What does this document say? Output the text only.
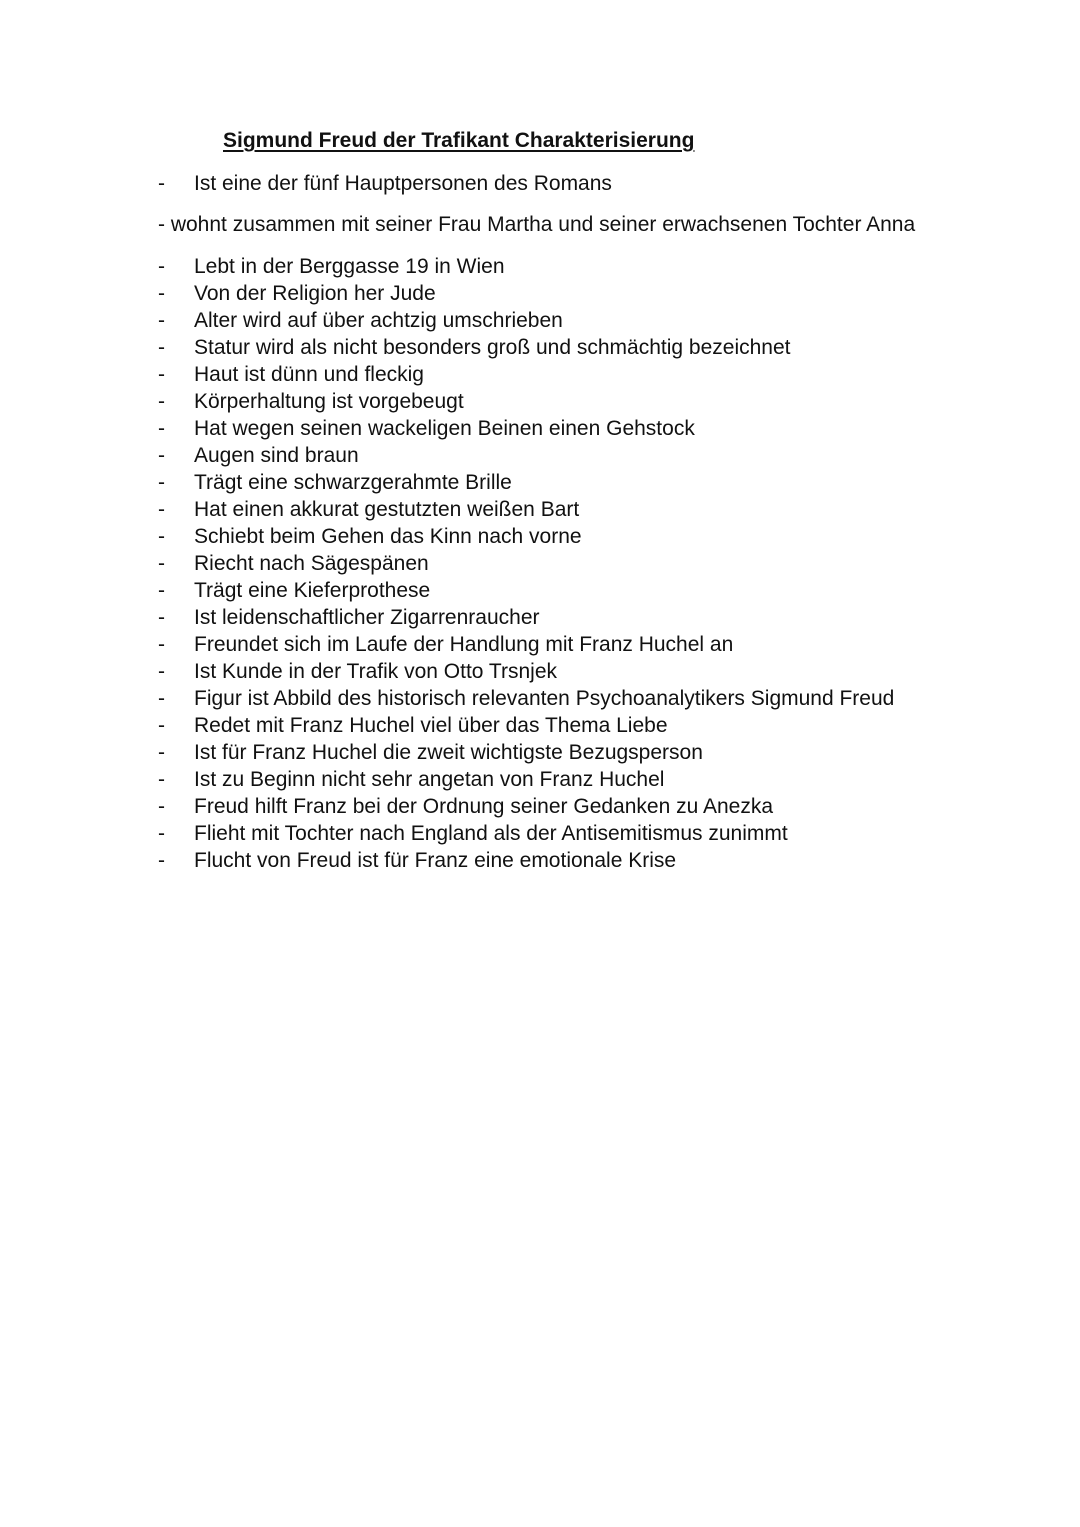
Sigmund Freud der Trafikant Charakterisierung
- Ist eine der fünf Hauptpersonen des Romans
- wohnt zusammen mit seiner Frau Martha und seiner erwachsenen Tochter Anna
- Lebt in der Berggasse 19 in Wien
- Von der Religion her Jude
- Alter wird auf über achtzig umschrieben
- Statur wird als nicht besonders groß und schmächtig bezeichnet
- Haut ist dünn und fleckig
- Körperhaltung ist vorgebeugt
- Hat wegen seinen wackeligen Beinen einen Gehstock
- Augen sind braun
- Trägt eine schwarzgerahmte Brille
- Hat einen akkurat gestutzten weißen Bart
- Schiebt beim Gehen das Kinn nach vorne
- Riecht nach Sägespänen
- Trägt eine Kieferprothese
- Ist leidenschaftlicher Zigarrenraucher
- Freundet sich im Laufe der Handlung mit Franz Huchel an
- Ist Kunde in der Trafik von Otto Trsnjek
- Figur ist Abbild des historisch relevanten Psychoanalytikers Sigmund Freud
- Redet mit Franz Huchel viel über das Thema Liebe
- Ist für Franz Huchel die zweit wichtigste Bezugsperson
- Ist zu Beginn nicht sehr angetan von Franz Huchel
- Freud hilft Franz bei der Ordnung seiner Gedanken zu Anezka
- Flieht mit Tochter nach England als der Antisemitismus zunimmt
- Flucht von Freud ist für Franz eine emotionale Krise
